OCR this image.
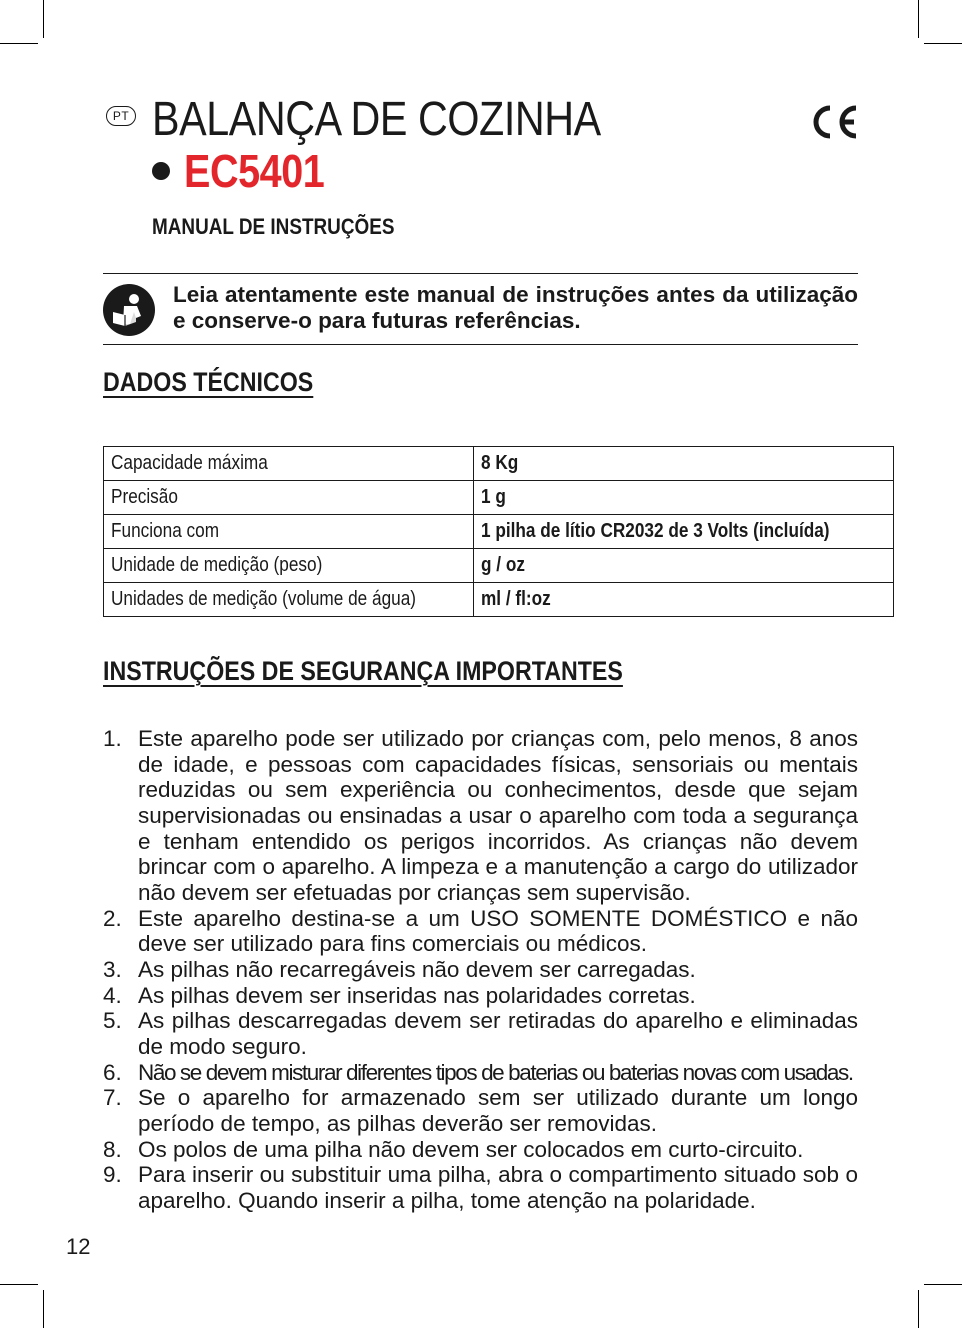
PT BALANÇA DE COZINHA
EC5401
MANUAL DE INSTRUÇÕES
Leia atentamente este manual de instruções antes da utilização e conserve-o para futuras referências.
DADOS TÉCNICOS
Capacidade máxima	8 Kg
Precisão	1 g
Funciona com	1 pilha de lítio CR2032 de 3 Volts (incluída)
Unidade de medição (peso)	g / oz
Unidades de medição (volume de água)	ml / fl:oz
INSTRUÇÕES DE SEGURANÇA IMPORTANTES
1. Este aparelho pode ser utilizado por crianças com, pelo menos, 8 anos de idade, e pessoas com capacidades físicas, sensoriais ou mentais reduzidas ou sem experiência ou conhecimentos, desde que sejam supervisionadas ou ensinadas a usar o aparelho com toda a segurança e tenham entendido os perigos incorridos. As crianças não devem brincar com o aparelho. A limpeza e a manutenção a cargo do utilizador não devem ser efetuadas por crianças sem supervisão.
2. Este aparelho destina-se a um USO SOMENTE DOMÉSTICO e não deve ser utilizado para fins comerciais ou médicos.
3. As pilhas não recarregáveis não devem ser carregadas.
4. As pilhas devem ser inseridas nas polaridades corretas.
5. As pilhas descarregadas devem ser retiradas do aparelho e eliminadas de modo seguro.
6. Não se devem misturar diferentes tipos de baterias ou baterias novas com usadas.
7. Se o aparelho for armazenado sem ser utilizado durante um longo período de tempo, as pilhas deverão ser removidas.
8. Os polos de uma pilha não devem ser colocados em curto-circuito.
9. Para inserir ou substituir uma pilha, abra o compartimento situado sob o aparelho. Quando inserir a pilha, tome atenção na polaridade.
12
